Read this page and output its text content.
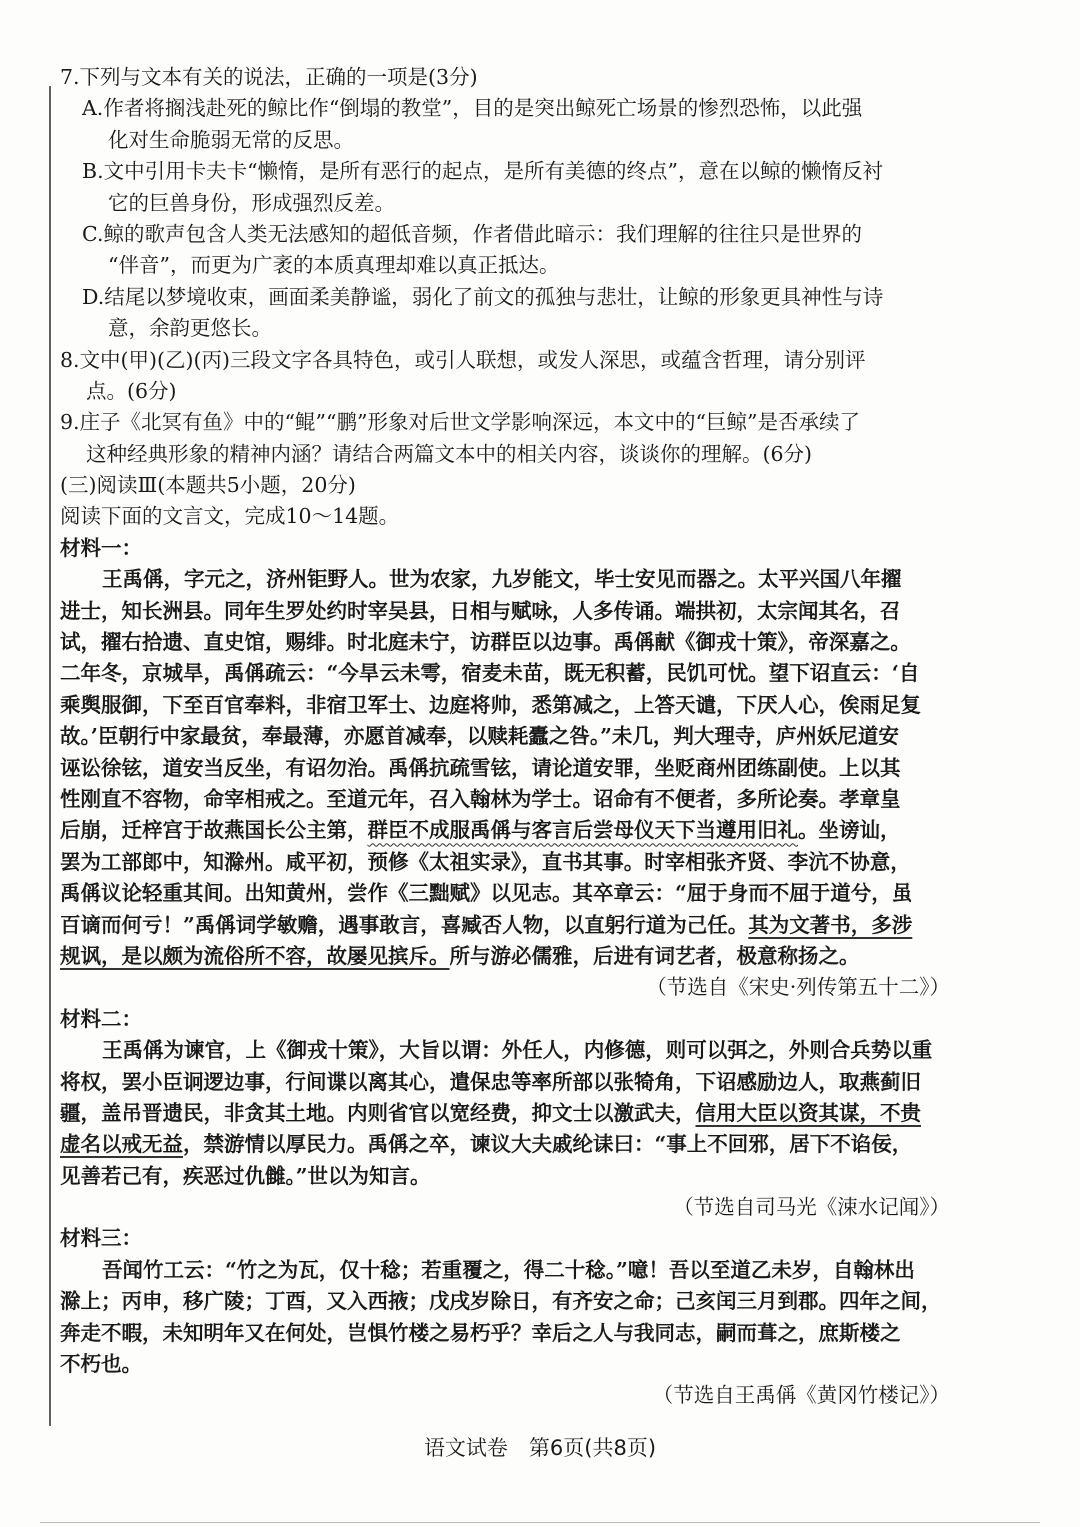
7.下列与文本有关的说法，正确的一项是(3分)
A.作者将搁浅赴死的鲸比作“倒塌的教堂”，目的是突出鲸死亡场景的惨烈恐怖，以此强
化对生命脆弱无常的反思。
B.文中引用卡夫卡“懒惰，是所有恶行的起点，是所有美德的终点”，意在以鲸的懒惰反衬
它的巨兽身份，形成强烈反差。
C.鲸的歌声包含人类无法感知的超低音频，作者借此暗示：我们理解的往往只是世界的
“伴音”，而更为广袤的本质真理却难以真正抵达。
D.结尾以梦境收束，画面柔美静谧，弱化了前文的孤独与悲壮，让鲸的形象更具神性与诗
意，余韵更悠长。
8.文中(甲)(乙)(丙)三段文字各具特色，或引人联想，或发人深思，或蕴含哲理，请分别评
点。(6分)
9.庄子《北冥有鱼》中的“鲲”“鹏”形象对后世文学影响深远，本文中的“巨鲸”是否承续了
这种经典形象的精神内涵？请结合两篇文本中的相关内容，谈谈你的理解。(6分)
(三)阅读Ⅲ(本题共5小题，20分)
阅读下面的文言文，完成10～14题。
材料一：
王禹偁，字元之，济州钜野人。世为农家，九岁能文，毕士安见而器之。太平兴国八年擢
进士，知长洲县。同年生罗处约时宰吴县，日相与赋咏，人多传诵。端拱初，太宗闻其名，召
试，擢右拾遗、直史馆，赐绯。时北庭未宁，访群臣以边事。禹偁献《御戎十策》，帝深嘉之。
二年冬，京城旱，禹偁疏云：“今旱云未雩，宿麦未苗，既无积蓄，民饥可忧。望下诏直云：‘自
乘舆服御，下至百官奉料，非宿卫军士、边庭将帅，悉第减之，上答天谴，下厌人心，俟雨足复
故。’臣朝行中家最贫，奉最薄，亦愿首减奉，以赎耗蠹之咎。”未几，判大理寺，庐州妖尼道安
诬讼徐铉，道安当反坐，有诏勿治。禹偁抗疏雪铉，请论道安罪，坐贬商州团练副使。上以其
性刚直不容物，命宰相戒之。至道元年，召入翰林为学士。诏命有不便者，多所论奏。孝章皇
后崩，迁梓宫于故燕国长公主第，群臣不成服禹偁与客言后尝母仪天下当遵用旧礼。坐谤讪，
罢为工部郎中，知滁州。咸平初，预修《太祖实录》，直书其事。时宰相张齐贤、李沆不协意，
禹偁议论轻重其间。出知黄州，尝作《三黜赋》以见志。其卒章云：“屈于身而不屈于道兮，虽
百谪而何亏！”禹偁词学敏赡，遇事敢言，喜臧否人物，以直躬行道为己任。其为文著书，多涉
规讽，是以颇为流俗所不容，故屡见摈斥。所与游必儒雅，后进有词艺者，极意称扬之。
（节选自《宋史·列传第五十二》）
材料二：
王禹偁为谏官，上《御戎十策》，大旨以谓：外任人，内修德，则可以弭之，外则合兵势以重
将权，罢小臣诇逻边事，行间谍以离其心，遣保忠等率所部以张犄角，下诏感励边人，取燕蓟旧
疆，盖吊晋遗民，非贪其土地。内则省官以宽经费，抑文士以激武夫，信用大臣以资其谋，不贵
虚名以戒无益，禁游情以厚民力。禹偁之卒，谏议大夫戚纶诔曰：“事上不回邪，居下不谄佞，
见善若己有，疾恶过仇雠。”世以为知言。
（节选自司马光《涑水记闻》）
材料三：
吾闻竹工云：“竹之为瓦，仅十稔；若重覆之，得二十稔。”噫！吾以至道乙未岁，自翰林出
滁上；丙申，移广陵；丁酉，又入西掖；戊戌岁除日，有齐安之命；己亥闰三月到郡。四年之间，
奔走不暇，未知明年又在何处，岂惧竹楼之易朽乎？幸后之人与我同志，嗣而葺之，庶斯楼之
不朽也。
（节选自王禹偁《黄冈竹楼记》）
语文试卷　第6页(共8页)
